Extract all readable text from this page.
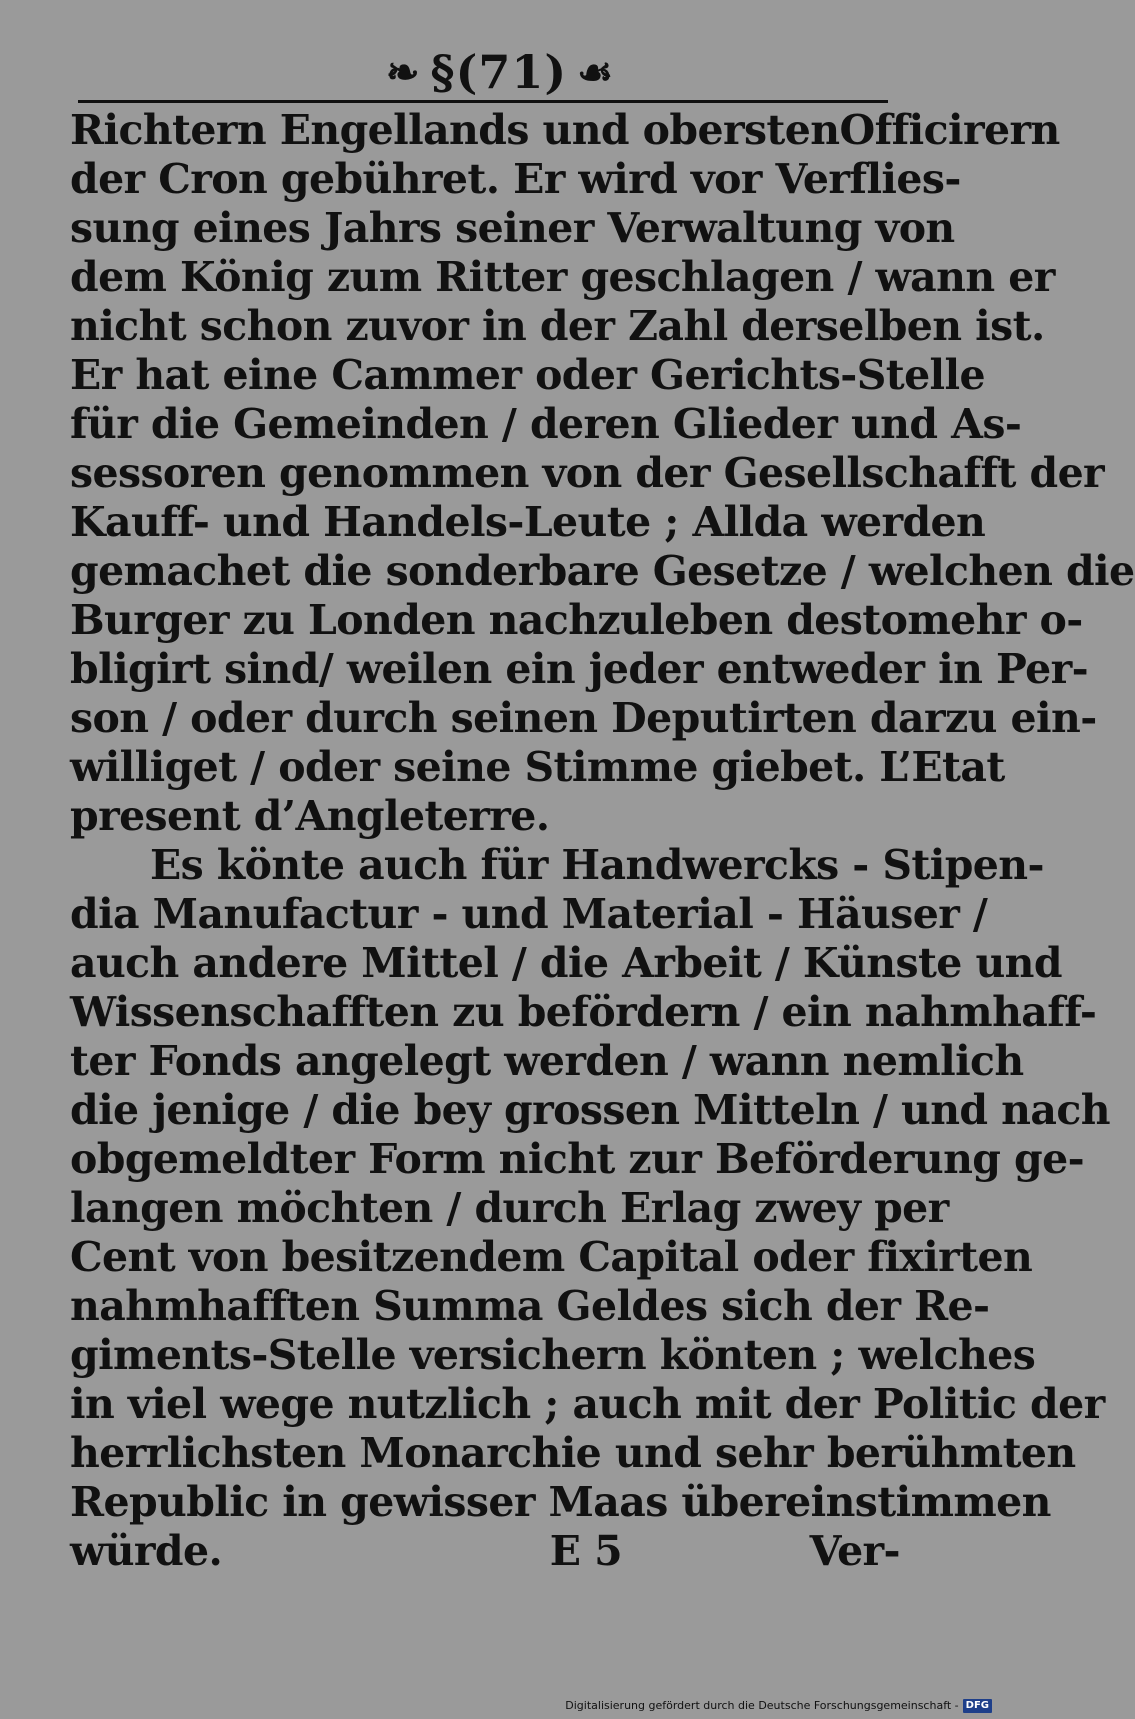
❧ § (71) ☙
Richtern Engellands und oberstenOfficirern
der Cron gebühret. Er wird vor Verflies-
sung eines Jahrs seiner Verwaltung von
dem König zum Ritter geschlagen / wann er
nicht schon zuvor in der Zahl derselben ist.
Er hat eine Cammer oder Gerichts-Stelle
für die Gemeinden / deren Glieder und As-
sessoren genommen von der Gesellschafft der
Kauff- und Handels-Leute ; Allda werden
gemachet die sonderbare Gesetze / welchen die
Burger zu Londen nachzuleben destomehr o-
bligirt sind/ weilen ein jeder entweder in Per-
son / oder durch seinen Deputirten darzu ein-
williget / oder seine Stimme giebet. L’Etat
present d’Angleterre.
Es könte auch für Handwercks - Stipen-
dia Manufactur - und Material - Häuser /
auch andere Mittel / die Arbeit / Künste und
Wissenschafften zu befördern / ein nahmhaff-
ter Fonds angelegt werden / wann nemlich
die jenige / die bey grossen Mitteln / und nach
obgemeldter Form nicht zur Beförderung ge-
langen möchten / durch Erlag zwey per
Cent von besitzendem Capital oder fixirten
nahmhafften Summa Geldes sich der Re-
giments-Stelle versichern könten ; welches
in viel wege nutzlich ; auch mit der Politic der
herrlichsten Monarchie und sehr berühmten
Republic in gewisser Maas übereinstimmen
würde.	E 5	Ver-
Digitalisierung gefördert durch die Deutsche Forschungsgemeinschaft - DFG
